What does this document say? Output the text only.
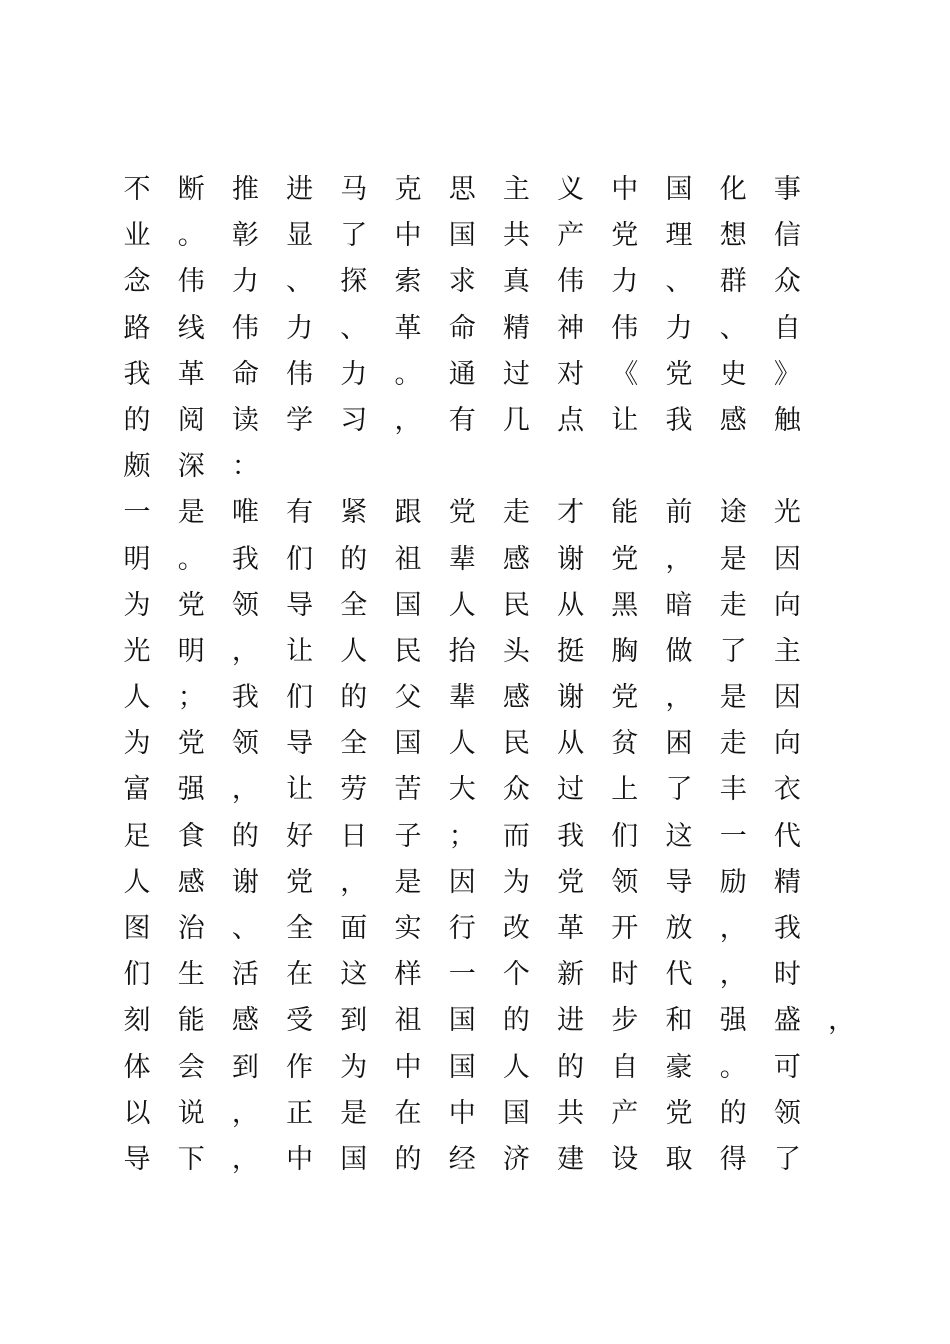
不 断 推 进 马 克 思 主 义 中 国 化 事
业 。 彰 显 了 中 国 共 产 党 理 想 信
念 伟 力 、 探 索 求 真 伟 力 、 群 众
路 线 伟 力 、 革 命 精 神 伟 力 、 自
我 革 命 伟 力 。 通 过 对 《 党 史 》
的 阅 读 学 习 ， 有 几 点 让 我 感 触
颇 深 ：
一 是 唯 有 紧 跟 党 走 才 能 前 途 光
明 。 我 们 的 祖 辈 感 谢 党 ， 是 因
为 党 领 导 全 国 人 民 从 黑 暗 走 向
光 明 ， 让 人 民 抬 头 挺 胸 做 了 主
人 ； 我 们 的 父 辈 感 谢 党 ， 是 因
为 党 领 导 全 国 人 民 从 贫 困 走 向
富 强 ， 让 劳 苦 大 众 过 上 了 丰 衣
足 食 的 好 日 子 ； 而 我 们 这 一 代
人 感 谢 党 ， 是 因 为 党 领 导 励 精
图 治 、 全 面 实 行 改 革 开 放 ， 我
们 生 活 在 这 样 一 个 新 时 代 ， 时
刻 能 感 受 到 祖 国 的 进 步 和 强 盛 ，
体 会 到 作 为 中 国 人 的 自 豪 。 可
以 说 ， 正 是 在 中 国 共 产 党 的 领
导 下 ， 中 国 的 经 济 建 设 取 得 了
